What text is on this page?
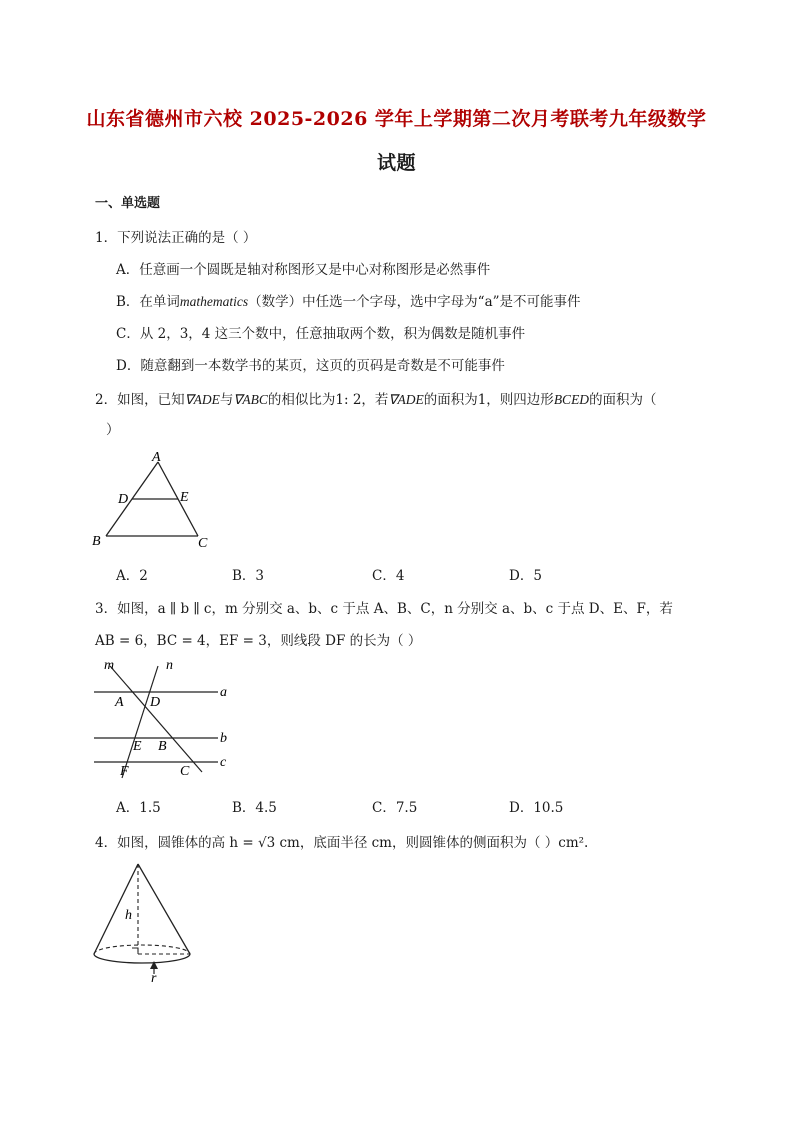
山东省德州市六校 2025-2026 学年上学期第二次月考联考九年级数学
试题
一、单选题
1．下列说法正确的是（ ）
A．任意画一个圆既是轴对称图形又是中心对称图形是必然事件
B．在单词mathematics（数学）中任选一个字母，选中字母为“a”是不可能事件
C．从 2，3，4 这三个数中，任意抽取两个数，积为偶数是随机事件
D．随意翻到一本数学书的某页，这页的页码是奇数是不可能事件
2．如图，已知∇ADE与∇ABC的相似比为1: 2，若∇ADE的面积为1，则四边形BCED的面积为（
）
A
D	E
B	C
A．2	B．3	C．4	D．5
3．如图，a ∥ b ∥ c，m 分别交 a、b、c 于点 A、B、C，n 分别交 a、b、c 于点 D、E、F，若
AB = 6，BC = 4，EF = 3，则线段 DF 的长为（ ）
m	n
a
b
c
A D
E B
F	C
A．1.5	B．4.5	C．7.5	D．10.5
4．如图，圆锥体的高 h = √3 cm，底面半径 cm，则圆锥体的侧面积为（ ）cm².
h
r
